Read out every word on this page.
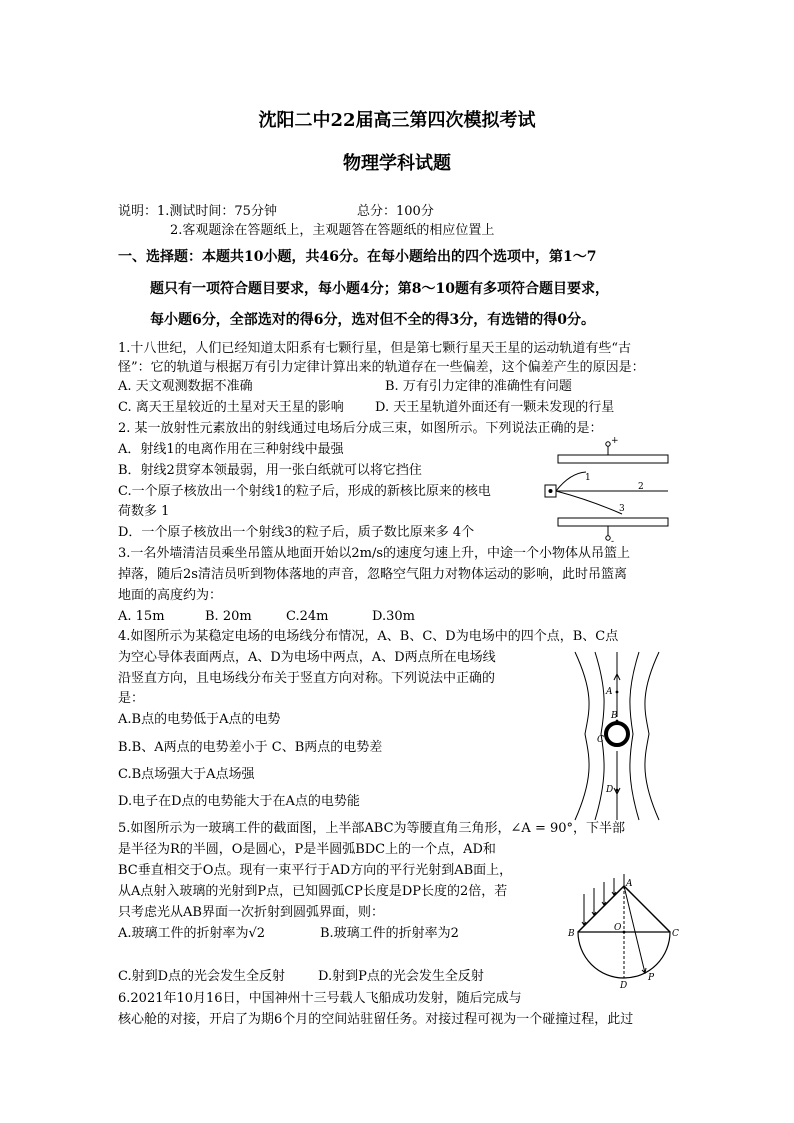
沈阳二中22届高三第四次模拟考试
物理学科试题
说明：1.测试时间：75分钟	总分：100分
2.客观题涂在答题纸上，主观题答在答题纸的相应位置上
一、选择题：本题共10小题，共46分。在每小题给出的四个选项中，第1～7
题只有一项符合题目要求，每小题4分；第8～10题有多项符合题目要求，
每小题6分，全部选对的得6分，选对但不全的得3分，有选错的得0分。
1.十八世纪，人们已经知道太阳系有七颗行星，但是第七颗行星天王星的运动轨道有些“古
怪”：它的轨道与根据万有引力定律计算出来的轨道存在一些偏差，这个偏差产生的原因是：
A. 天文观测数据不准确	B. 万有引力定律的准确性有问题
C. 离天王星较近的土星对天王星的影响 D. 天王星轨道外面还有一颗未发现的行星
2. 某一放射性元素放出的射线通过电场后分成三束，如图所示。下列说法正确的是：
A．射线1的电离作用在三种射线中最强
B．射线2贯穿本领最弱，用一张白纸就可以将它挡住
C.一个原子核放出一个射线1的粒子后，形成的新核比原来的核电
荷数多 1
D．一个原子核放出一个射线3的粒子后，质子数比原来多 4个
+
-
1
2
3
3.一名外墙清洁员乘坐吊篮从地面开始以2m/s的速度匀速上升，中途一个小物体从吊篮上
掉落，随后2s清洁员听到物体落地的声音，忽略空气阻力对物体运动的影响，此时吊篮离
地面的高度约为：
A. 15m	B. 20m	C.24m	D.30m
4.如图所示为某稳定电场的电场线分布情况，A、B、C、D为电场中的四个点，B、C点
为空心导体表面两点，A、D为电场中两点，A、D两点所在电场线
沿竖直方向，且电场线分布关于竖直方向对称。下列说法中正确的
是：
A.B点的电势低于A点的电势
B.B、A两点的电势差小于 C、B两点的电势差
C.B点场强大于A点场强
D.电子在D点的电势能大于在A点的电势能
A
B
C
D
5.如图所示为一玻璃工件的截面图，上半部ABC为等腰直角三角形，∠A = 90°，下半部
是半径为R的半圆，O是圆心，P是半圆弧BDC上的一个点，AD和
BC垂直相交于O点。现有一束平行于AD方向的平行光射到AB面上，
从A点射入玻璃的光射到P点，已知圆弧CP长度是DP长度的2倍，若
只考虑光从AB界面一次折射到圆弧界面，则：
A.玻璃工件的折射率为√2	B.玻璃工件的折射率为2
C.射到D点的光会发生全反射	D.射到P点的光会发生全反射
A
B	C
D
O
P
6.2021年10月16日，中国神州十三号载人飞船成功发射，随后完成与
核心舱的对接，开启了为期6个月的空间站驻留任务。对接过程可视为一个碰撞过程，此过
